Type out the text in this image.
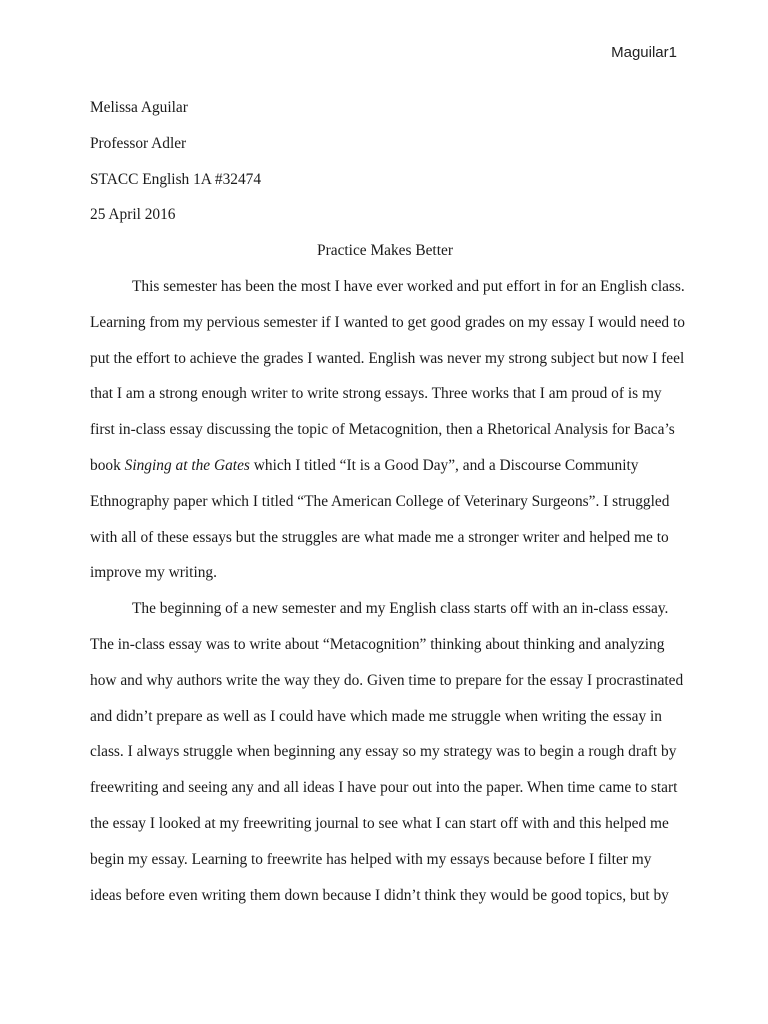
Maguilar1
Melissa Aguilar
Professor Adler
STACC English 1A #32474
25 April 2016
Practice Makes Better
This semester has been the most I have ever worked and put effort in for an English class.
Learning from my pervious semester if I wanted to get good grades on my essay I would need to
put the effort to achieve the grades I wanted. English was never my strong subject but now I feel
that I am a strong enough writer to write strong essays. Three works that I am proud of is my
first in-class essay discussing the topic of Metacognition, then a Rhetorical Analysis for Baca’s
book Singing at the Gates which I titled “It is a Good Day”, and a Discourse Community
Ethnography paper which I titled “The American College of Veterinary Surgeons”. I struggled
with all of these essays but the struggles are what made me a stronger writer and helped me to
improve my writing.
The beginning of a new semester and my English class starts off with an in-class essay.
The in-class essay was to write about “Metacognition” thinking about thinking and analyzing
how and why authors write the way they do. Given time to prepare for the essay I procrastinated
and didn’t prepare as well as I could have which made me struggle when writing the essay in
class. I always struggle when beginning any essay so my strategy was to begin a rough draft by
freewriting and seeing any and all ideas I have pour out into the paper. When time came to start
the essay I looked at my freewriting journal to see what I can start off with and this helped me
begin my essay. Learning to freewrite has helped with my essays because before I filter my
ideas before even writing them down because I didn’t think they would be good topics, but by
